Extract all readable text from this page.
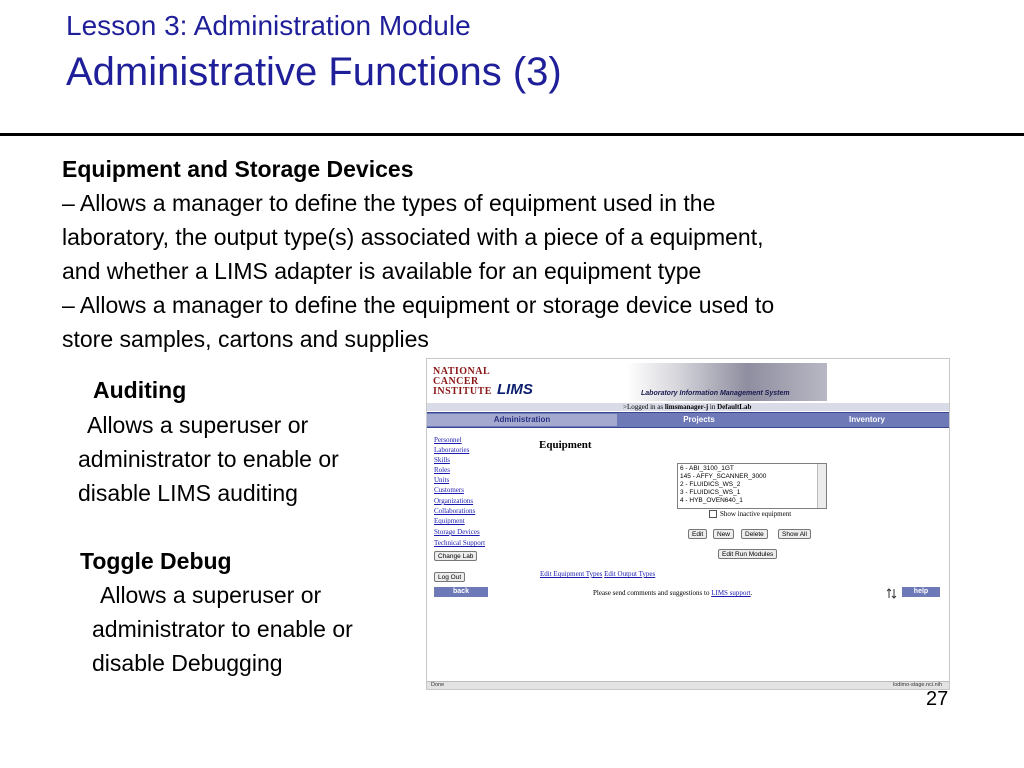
Lesson 3: Administration Module
Administrative Functions (3)
Equipment and Storage Devices
– Allows a manager to define the types of equipment used in the
laboratory, the output type(s) associated with a piece of a equipment,
and whether a LIMS adapter is available for an equipment type
– Allows a manager to define the equipment or storage device used to
store samples, cartons and supplies
Auditing
Allows a superuser or
administrator to enable or
disable LIMS auditing
Toggle Debug
Allows a superuser or
administrator to enable or
disable Debugging
NATIONAL
CANCER
INSTITUTE LIMS	Laboratory Information Management System
>Logged in as limsmanager-j in DefaultLab
Administration	Projects	Inventory
Personnel
Laboratories
Skills
Roles
Units
Customers
Organizations
Collaborations
Equipment
Storage Devices
Technical Support
Change Lab
Log Out
back
Equipment
6 - ABI_3100_1GT
145 - AFFY_SCANNER_3000
2 - FLUIDICS_WS_2
3 - FLUIDICS_WS_1
4 - HYB_OVEN640_1
Show inactive equipment
Edit	New	Delete	Show All
Edit Run Modules
Edit Equipment Types Edit Output Types
Please send comments and suggestions to LIMS support.	help
Done	lodimo-stage.nci.nih
27
